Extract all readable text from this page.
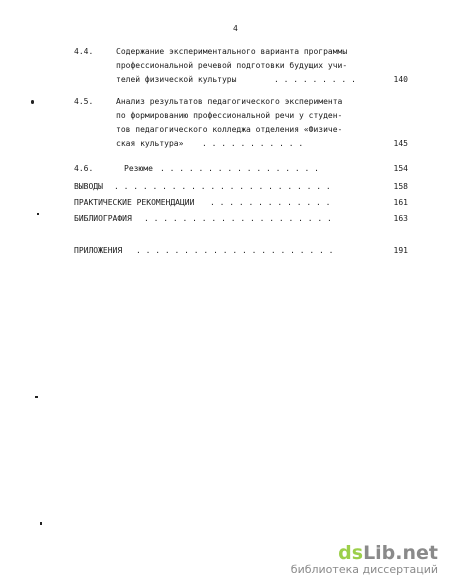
4
4.4.	Содержание экспериментального варианта программы
профессиональной речевой подготовки будущих учи-
телей физической культуры	. . . . . . . . .	140
4.5.	Анализ результатов педагогического эксперимента
по формированию профессиональной речи у студен-
тов педагогического колледжа отделения «Физиче-
ская культура» . . . . . . . . . . .	145
4.6.	Резюме . . . . . . . . . . . . . . . . .	154
ВЫВОДЫ . . . . . . . . . . . . . . . . . . . . . . .	158
ПРАКТИЧЕСКИЕ РЕКОМЕНДАЦИИ . . . . . . . . . . . . .	161
БИБЛИОГРАФИЯ . . . . . . . . . . . . . . . . . . . .	163
ПРИЛОЖЕНИЯ . . . . . . . . . . . . . . . . . . . . .	191
dsLib.net
библиотека диссертаций
